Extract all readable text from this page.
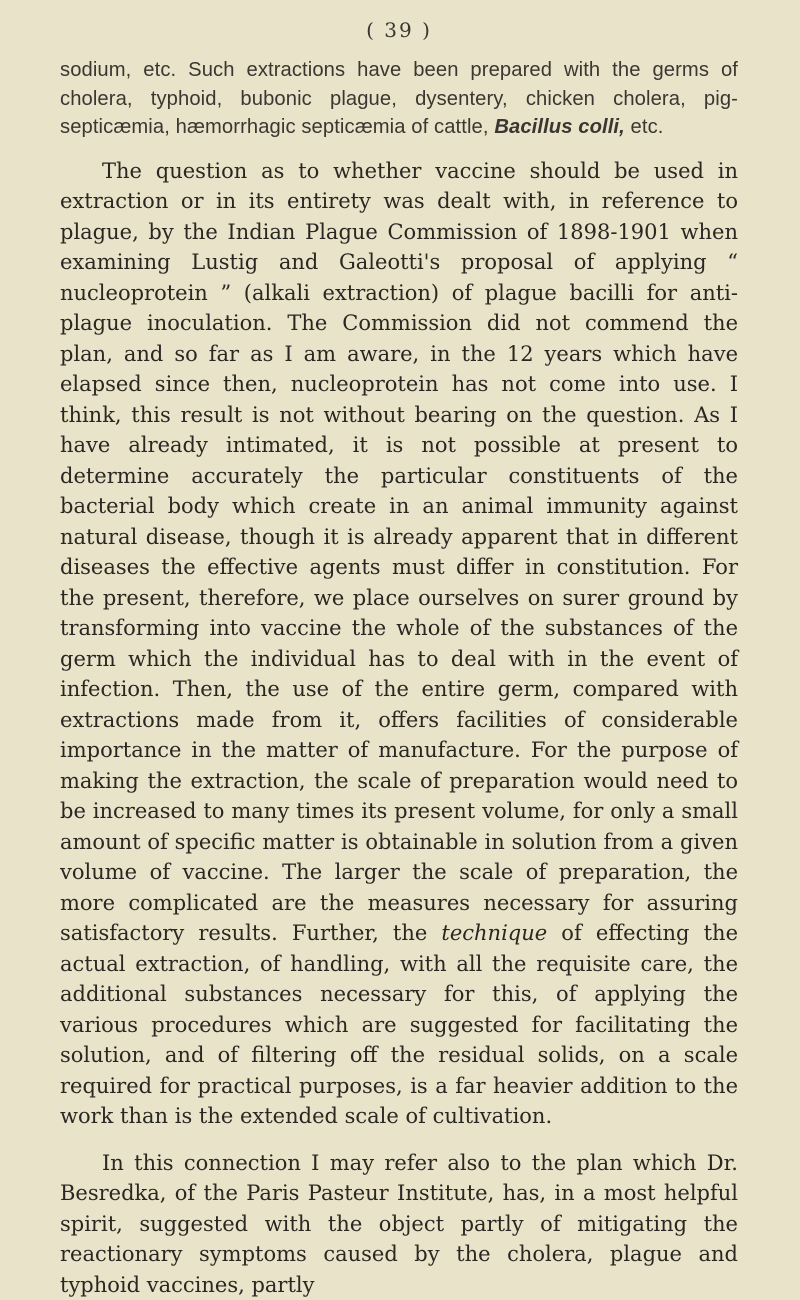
( 39 )

sodium, etc. Such extractions have been prepared with the germs of cholera, typhoid, bubonic plague, dysentery, chicken cholera, pig-septicæmia, hæmorrhagic septicæmia of cattle, Bacillus colli, etc.

The question as to whether vaccine should be used in extraction or in its entirety was dealt with, in reference to plague, by the Indian Plague Commission of 1898-1901 when examining Lustig and Galeotti's proposal of applying “ nucleoprotein ” (alkali extraction) of plague bacilli for anti-plague inoculation. The Commission did not commend the plan, and so far as I am aware, in the 12 years which have elapsed since then, nucleoprotein has not come into use. I think, this result is not without bearing on the question. As I have already intimated, it is not possible at present to determine accurately the particular constituents of the bacterial body which create in an animal immunity against natural disease, though it is already apparent that in different diseases the effective agents must differ in constitution. For the present, therefore, we place ourselves on surer ground by transforming into vaccine the whole of the substances of the germ which the individual has to deal with in the event of infection. Then, the use of the entire germ, compared with extractions made from it, offers facilities of considerable importance in the matter of manufacture. For the purpose of making the extraction, the scale of preparation would need to be increased to many times its present volume, for only a small amount of specific matter is obtainable in solution from a given volume of vaccine. The larger the scale of preparation, the more complicated are the measures necessary for assuring satisfactory results. Further, the technique of effecting the actual extraction, of handling, with all the requisite care, the additional substances necessary for this, of applying the various procedures which are suggested for facilitating the solution, and of filtering off the residual solids, on a scale required for practical purposes, is a far heavier addition to the work than is the extended scale of cultivation.

In this connection I may refer also to the plan which Dr. Besredka, of the Paris Pasteur Institute, has, in a most helpful spirit, suggested with the object partly of mitigating the reactionary symptoms caused by the cholera, plague and typhoid vaccines, partly
